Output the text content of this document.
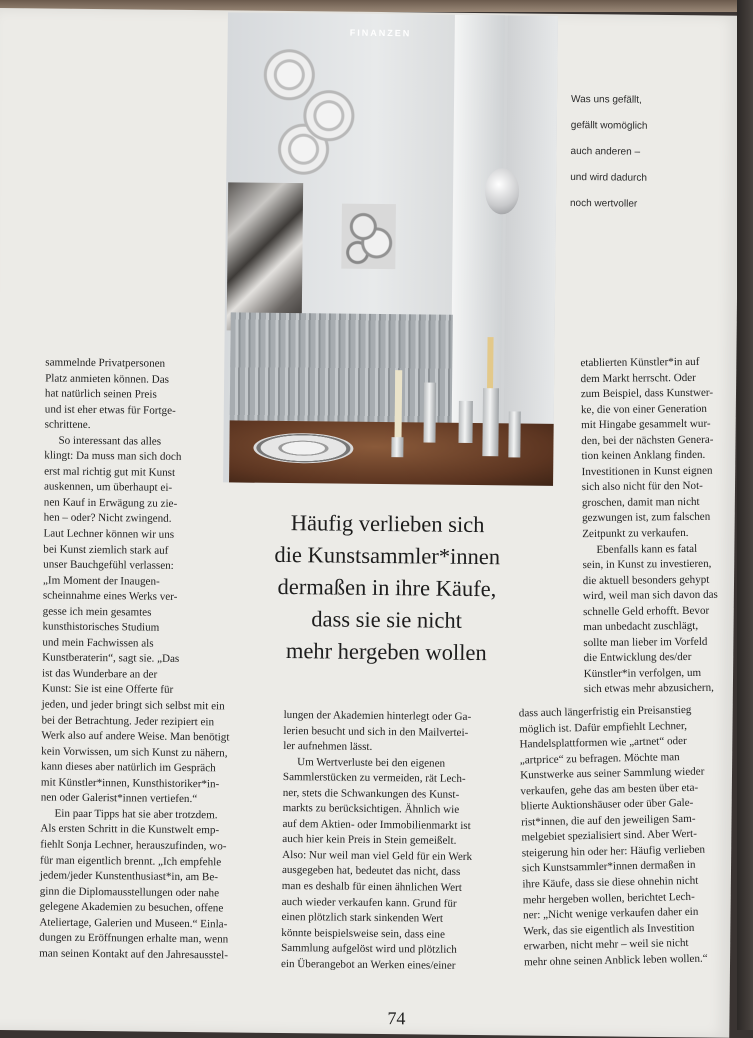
FINANZEN

Was uns gefällt,

gefällt womöglich

auch anderen –

und wird dadurch

noch wertvoller

Häufig verlieben sich
die Kunstsammler*innen
dermaßen in ihre Käufe,
dass sie sie nicht
mehr hergeben wollen
sammelnde Privatpersonen
Platz anmieten können. Das
hat natürlich seinen Preis
und ist eher etwas für Fortge-
schrittene.
So interessant das alles
klingt: Da muss man sich doch
erst mal richtig gut mit Kunst
auskennen, um überhaupt ei-
nen Kauf in Erwägung zu zie-
hen – oder? Nicht zwingend.
Laut Lechner können wir uns
bei Kunst ziemlich stark auf
unser Bauchgefühl verlassen:
„Im Moment der Inaugen-
scheinnahme eines Werks ver-
gesse ich mein gesamtes
kunsthistorisches Studium
und mein Fachwissen als
Kunstberaterin“, sagt sie. „Das
ist das Wunderbare an der
Kunst: Sie ist eine Offerte für
jeden, und jeder bringt sich selbst mit ein
bei der Betrachtung. Jeder rezipiert ein
Werk also auf andere Weise. Man benötigt
kein Vorwissen, um sich Kunst zu nähern,
kann dieses aber natürlich im Gespräch
mit Künstler*innen, Kunsthistoriker*in-
nen oder Galerist*innen vertiefen.“
Ein paar Tipps hat sie aber trotzdem.
Als ersten Schritt in die Kunstwelt emp-
fiehlt Sonja Lechner, herauszufinden, wo-
für man eigentlich brennt. „Ich empfehle
jedem/jeder Kunstenthusiast*in, am Be-
ginn die Diplomausstellungen oder nahe
gelegene Akademien zu besuchen, offene
Ateliertage, Galerien und Museen.“ Einla-
dungen zu Eröffnungen erhalte man, wenn
man seinen Kontakt auf den Jahresausstel-
lungen der Akademien hinterlegt oder Ga-
lerien besucht und sich in den Mailvertei-
ler aufnehmen lässt.
Um Wertverluste bei den eigenen
Sammlerstücken zu vermeiden, rät Lech-
ner, stets die Schwankungen des Kunst-
markts zu berücksichtigen. Ähnlich wie
auf dem Aktien- oder Immobilienmarkt ist
auch hier kein Preis in Stein gemeißelt.
Also: Nur weil man viel Geld für ein Werk
ausgegeben hat, bedeutet das nicht, dass
man es deshalb für einen ähnlichen Wert
auch wieder verkaufen kann. Grund für
einen plötzlich stark sinkenden Wert
könnte beispielsweise sein, dass eine
Sammlung aufgelöst wird und plötzlich
ein Überangebot an Werken eines/einer
etablierten Künstler*in auf
dem Markt herrscht. Oder
zum Beispiel, dass Kunstwer-
ke, die von einer Generation
mit Hingabe gesammelt wur-
den, bei der nächsten Genera-
tion keinen Anklang finden.
Investitionen in Kunst eignen
sich also nicht für den Not-
groschen, damit man nicht
gezwungen ist, zum falschen
Zeitpunkt zu verkaufen.
Ebenfalls kann es fatal
sein, in Kunst zu investieren,
die aktuell besonders gehypt
wird, weil man sich davon das
schnelle Geld erhofft. Bevor
man unbedacht zuschlägt,
sollte man lieber im Vorfeld
die Entwicklung des/der
Künstler*in verfolgen, um
sich etwas mehr abzusichern,
dass auch längerfristig ein Preisanstieg
möglich ist. Dafür empfiehlt Lechner,
Handelsplattformen wie „artnet“ oder
„artprice“ zu befragen. Möchte man
Kunstwerke aus seiner Sammlung wieder
verkaufen, gehe das am besten über eta-
blierte Auktionshäuser oder über Gale-
rist*innen, die auf den jeweiligen Sam-
melgebiet spezialisiert sind. Aber Wert-
steigerung hin oder her: Häufig verlieben
sich Kunstsammler*innen dermaßen in
ihre Käufe, dass sie diese ohnehin nicht
mehr hergeben wollen, berichtet Lech-
ner: „Nicht wenige verkaufen daher ein
Werk, das sie eigentlich als Investition
erwarben, nicht mehr – weil sie nicht
mehr ohne seinen Anblick leben wollen.“
74
